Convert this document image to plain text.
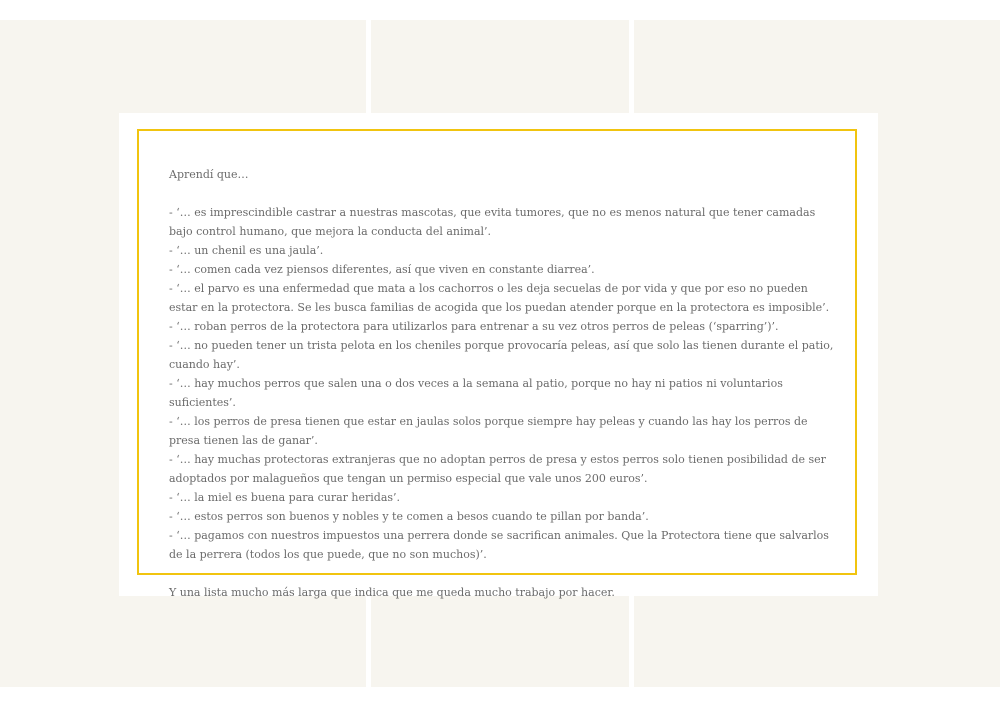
Aprendí que…

- ‘… es imprescindible castrar a nuestras mascotas, que evita tumores, que no es menos natural que tener camadas bajo control humano, que mejora la conducta del animal’.

- ‘… un chenil es una jaula’.

- ‘… comen cada vez piensos diferentes, así que viven en constante diarrea’.

- ‘… el parvo es una enfermedad que mata a los cachorros o les deja secuelas de por vida y que por eso no pueden estar en la protectora. Se les busca familias de acogida que los puedan atender porque en la protectora es imposible’.

- ‘… roban perros de la protectora para utilizarlos para entrenar a su vez otros perros de peleas (‘sparring’)’.

- ‘… no pueden tener un trista pelota en los cheniles porque provocaría peleas, así que solo las tienen durante el patio, cuando hay’.

- ‘… hay muchos perros que salen una o dos veces a la semana al patio, porque no hay ni patios ni voluntarios suficientes’.

- ‘… los perros de presa tienen que estar en jaulas solos porque siempre hay peleas y cuando las hay los perros de presa tienen las de ganar’.

- ‘… hay muchas protectoras extranjeras que no adoptan perros de presa y estos perros solo tienen posibilidad de ser adoptados por malagueños que tengan un permiso especial que vale unos 200 euros’.

- ‘… la miel es buena para curar heridas’.

- ‘… estos perros son buenos y nobles y te comen a besos cuando te pillan por banda’.

- ‘… pagamos con nuestros impuestos una perrera donde se sacrifican animales. Que la Protectora tiene que salvarlos de la perrera (todos los que puede, que no son muchos)’.

Y una lista mucho más larga que indica que me queda mucho trabajo por hacer.
